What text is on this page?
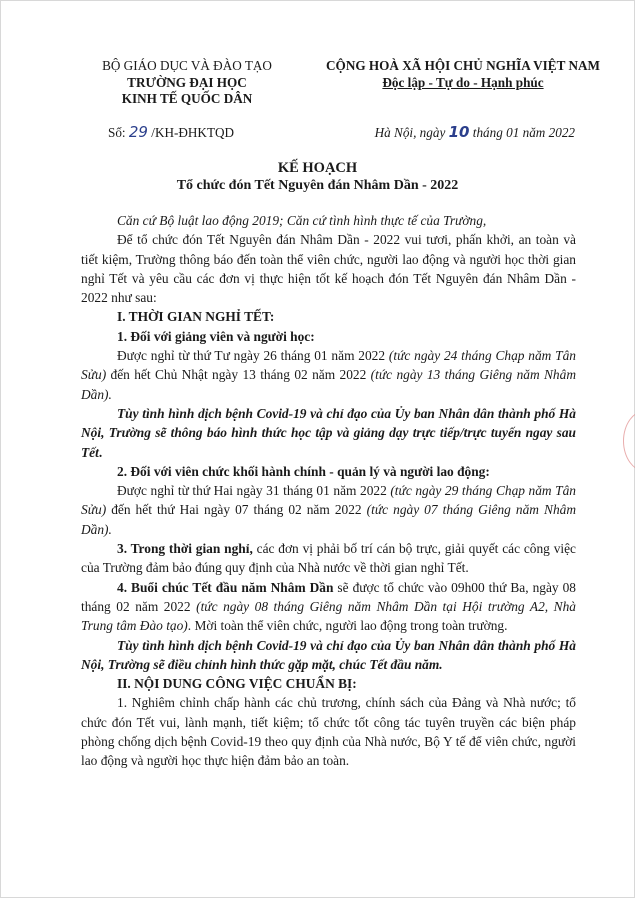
BỘ GIÁO DỤC VÀ ĐÀO TẠO
TRƯỜNG ĐẠI HỌC
KINH TẾ QUỐC DÂN
CỘNG HOÀ XÃ HỘI CHỦ NGHĨA VIỆT NAM
Độc lập - Tự do - Hạnh phúc
Số: 29 /KH-ĐHKTQD	Hà Nội, ngày 10 tháng 01 năm 2022
KẾ HOẠCH
Tổ chức đón Tết Nguyên đán Nhâm Dần - 2022

Căn cứ Bộ luật lao động 2019; Căn cứ tình hình thực tế của Trường,

Để tổ chức đón Tết Nguyên đán Nhâm Dần - 2022 vui tươi, phấn khởi, an toàn và tiết kiệm, Trường thông báo đến toàn thể viên chức, người lao động và người học thời gian nghỉ Tết và yêu cầu các đơn vị thực hiện tốt kế hoạch đón Tết Nguyên đán Nhâm Dần - 2022 như sau:

I. THỜI GIAN NGHỈ TẾT:

1. Đối với giảng viên và người học:

Được nghỉ từ thứ Tư ngày 26 tháng 01 năm 2022 (tức ngày 24 tháng Chạp năm Tân Sửu) đến hết Chủ Nhật ngày 13 tháng 02 năm 2022 (tức ngày 13 tháng Giêng năm Nhâm Dần).

Tùy tình hình dịch bệnh Covid-19 và chỉ đạo của Ủy ban Nhân dân thành phố Hà Nội, Trường sẽ thông báo hình thức học tập và giảng dạy trực tiếp/trực tuyến ngay sau Tết.

2. Đối với viên chức khối hành chính - quản lý và người lao động:

Được nghỉ từ thứ Hai ngày 31 tháng 01 năm 2022 (tức ngày 29 tháng Chạp năm Tân Sửu) đến hết thứ Hai ngày 07 tháng 02 năm 2022 (tức ngày 07 tháng Giêng năm Nhâm Dần).

3. Trong thời gian nghỉ, các đơn vị phải bố trí cán bộ trực, giải quyết các công việc của Trường đảm bảo đúng quy định của Nhà nước về thời gian nghỉ Tết.

4. Buổi chúc Tết đầu năm Nhâm Dần sẽ được tổ chức vào 09h00 thứ Ba, ngày 08 tháng 02 năm 2022 (tức ngày 08 tháng Giêng năm Nhâm Dần tại Hội trường A2, Nhà Trung tâm Đào tạo). Mời toàn thể viên chức, người lao động trong toàn trường.

Tùy tình hình dịch bệnh Covid-19 và chỉ đạo của Ủy ban Nhân dân thành phố Hà Nội, Trường sẽ điều chỉnh hình thức gặp mặt, chúc Tết đầu năm.

II. NỘI DUNG CÔNG VIỆC CHUẨN BỊ:

1. Nghiêm chỉnh chấp hành các chủ trương, chính sách của Đảng và Nhà nước; tổ chức đón Tết vui, lành mạnh, tiết kiệm; tổ chức tốt công tác tuyên truyền các biện pháp phòng chống dịch bệnh Covid-19 theo quy định của Nhà nước, Bộ Y tế để viên chức, người lao động và người học thực hiện đảm bảo an toàn.
